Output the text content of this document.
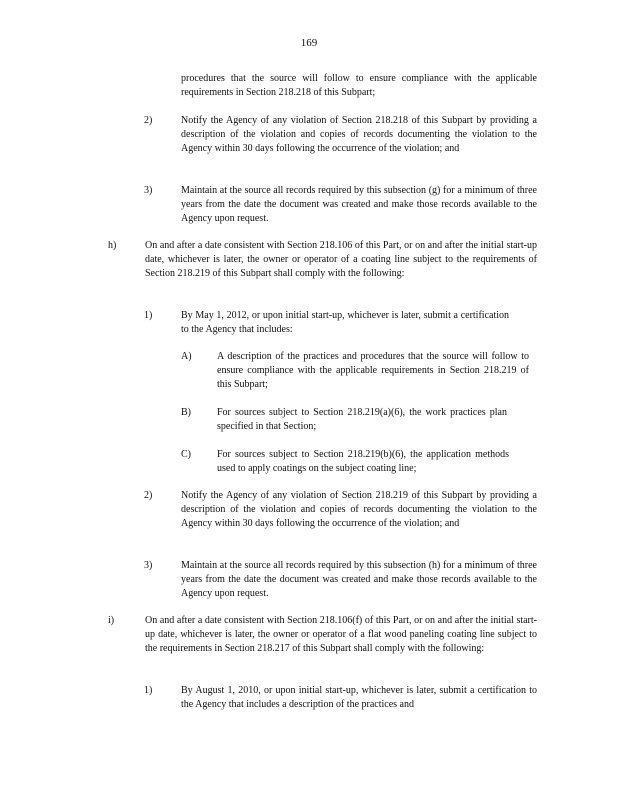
169
procedures that the source will follow to ensure compliance with the applicable requirements in Section 218.218 of this Subpart;
2)	Notify the Agency of any violation of Section 218.218 of this Subpart by providing a description of the violation and copies of records documenting the violation to the Agency within 30 days following the occurrence of the violation; and
3)	Maintain at the source all records required by this subsection (g) for a minimum of three years from the date the document was created and make those records available to the Agency upon request.
h)	On and after a date consistent with Section 218.106 of this Part, or on and after the initial start-up date, whichever is later, the owner or operator of a coating line subject to the requirements of Section 218.219 of this Subpart shall comply with the following:
1)	By May 1, 2012, or upon initial start-up, whichever is later, submit a certification to the Agency that includes:
A)	A description of the practices and procedures that the source will follow to ensure compliance with the applicable requirements in Section 218.219 of this Subpart;
B)	For sources subject to Section 218.219(a)(6), the work practices plan specified in that Section;
C)	For sources subject to Section 218.219(b)(6), the application methods used to apply coatings on the subject coating line;
2)	Notify the Agency of any violation of Section 218.219 of this Subpart by providing a description of the violation and copies of records documenting the violation to the Agency within 30 days following the occurrence of the violation; and
3)	Maintain at the source all records required by this subsection (h) for a minimum of three years from the date the document was created and make those records available to the Agency upon request.
i)	On and after a date consistent with Section 218.106(f) of this Part, or on and after the initial start-up date, whichever is later, the owner or operator of a flat wood paneling coating line subject to the requirements in Section 218.217 of this Subpart shall comply with the following:
1)	By August 1, 2010, or upon initial start-up, whichever is later, submit a certification to the Agency that includes a description of the practices and
